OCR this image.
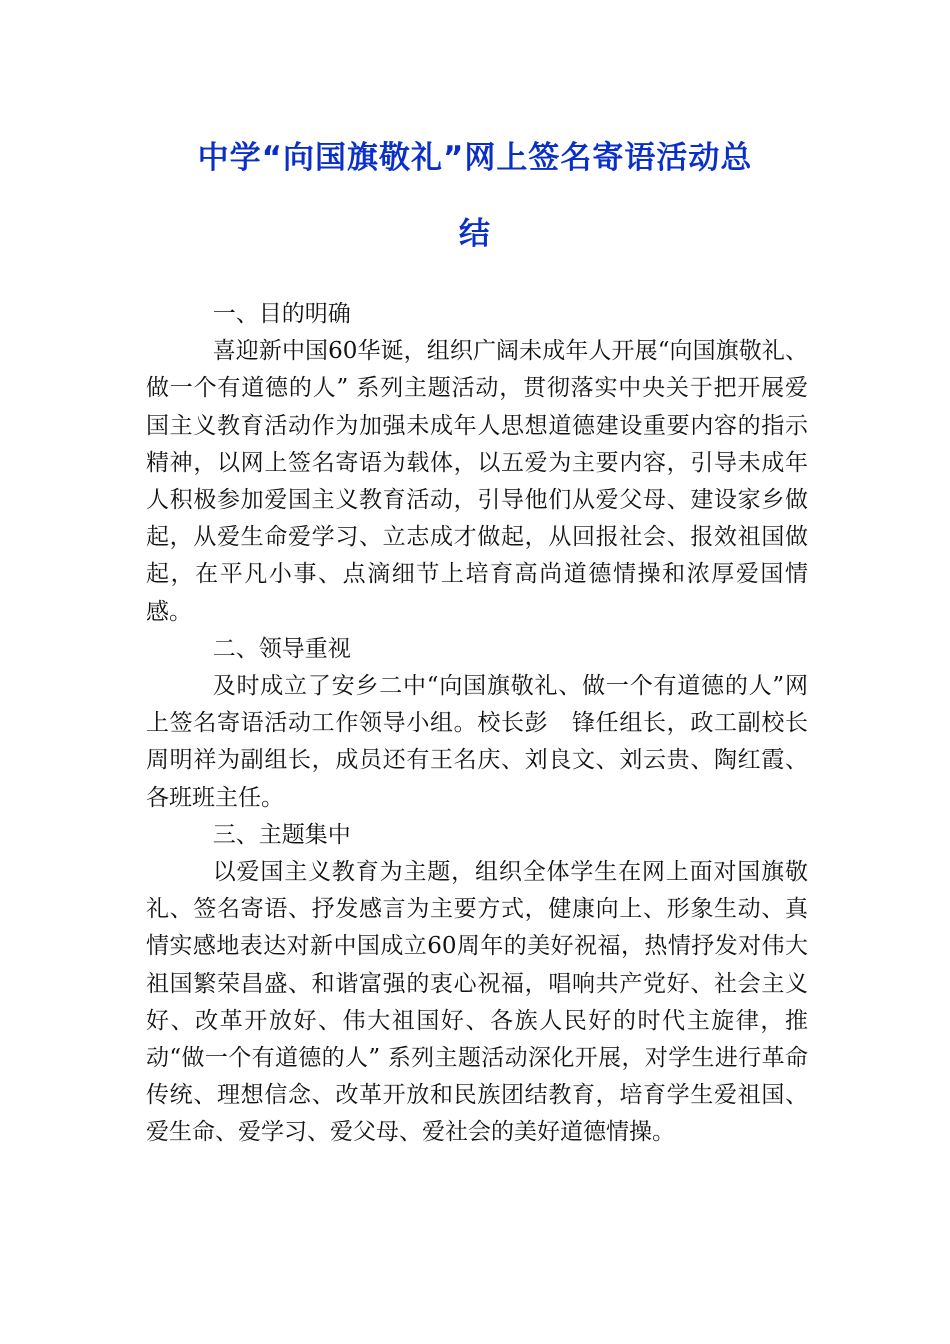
中学“向国旗敬礼”网上签名寄语活动总
结

一、目的明确

喜迎新中国60华诞，组织广阔未成年人开展“向国旗敬礼、做一个有道德的人” 系列主题活动，贯彻落实中央关于把开展爱国主义教育活动作为加强未成年人思想道德建设重要内容的指示精神，以网上签名寄语为载体，以五爱为主要内容，引导未成年人积极参加爱国主义教育活动，引导他们从爱父母、建设家乡做起，从爱生命爱学习、立志成才做起，从回报社会、报效祖国做起，在平凡小事、点滴细节上培育高尚道德情操和浓厚爱国情感。

二、领导重视

及时成立了安乡二中“向国旗敬礼、做一个有道德的人”网上签名寄语活动工作领导小组。校长彭　锋任组长，政工副校长周明祥为副组长，成员还有王名庆、刘良文、刘云贵、陶红霞、各班班主任。

三、主题集中

以爱国主义教育为主题，组织全体学生在网上面对国旗敬礼、签名寄语、抒发感言为主要方式，健康向上、形象生动、真情实感地表达对新中国成立60周年的美好祝福，热情抒发对伟大祖国繁荣昌盛、和谐富强的衷心祝福，唱响共产党好、社会主义好、改革开放好、伟大祖国好、各族人民好的时代主旋律，推动“做一个有道德的人” 系列主题活动深化开展，对学生进行革命传统、理想信念、改革开放和民族团结教育，培育学生爱祖国、爱生命、爱学习、爱父母、爱社会的美好道德情操。
